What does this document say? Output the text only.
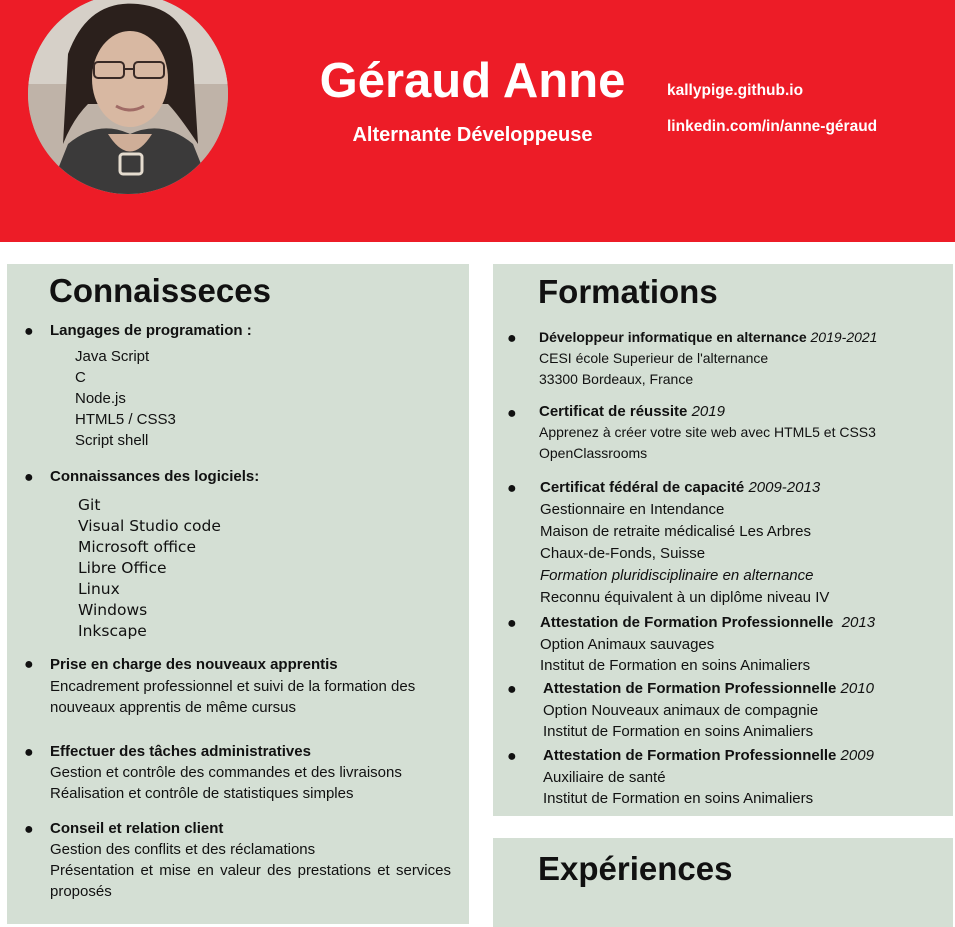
Géraud Anne
Alternante Développeuse
kallypige.github.io
linkedin.com/in/anne-géraud
Connaisseces
● Langages de programation :
Java Script
C
Node.js
HTML5 / CSS3
Script shell
● Connaissances des logiciels:
Git
Visual Studio code
Microsoft office
Libre Office
Linux
Windows
Inkscape
● Prise en charge des nouveaux apprentis
Encadrement professionnel et suivi de la formation des nouveaux apprentis de même cursus
● Effectuer des tâches administratives
Gestion et contrôle des commandes et des livraisons
Réalisation et contrôle de statistiques simples
● Conseil et relation client
Gestion des conflits et des réclamations
Présentation et mise en valeur des prestations et services proposés
Formations
● Développeur informatique en alternance 2019-2021
CESI école Superieur de l'alternance
33300 Bordeaux, France
● Certificat de réussite 2019
Apprenez à créer votre site web avec HTML5 et CSS3
OpenClassrooms
● Certificat fédéral de capacité 2009-2013
Gestionnaire en Intendance
Maison de retraite médicalisé Les Arbres
Chaux-de-Fonds, Suisse
Formation pluridisciplinaire en alternance
Reconnu équivalent à un diplôme niveau IV
● Attestation de Formation Professionnelle 2013
Option Animaux sauvages
Institut de Formation en soins Animaliers
● Attestation de Formation Professionnelle 2010
Option Nouveaux animaux de compagnie
Institut de Formation en soins Animaliers
● Attestation de Formation Professionnelle 2009
Auxiliaire de santé
Institut de Formation en soins Animaliers
Expériences
